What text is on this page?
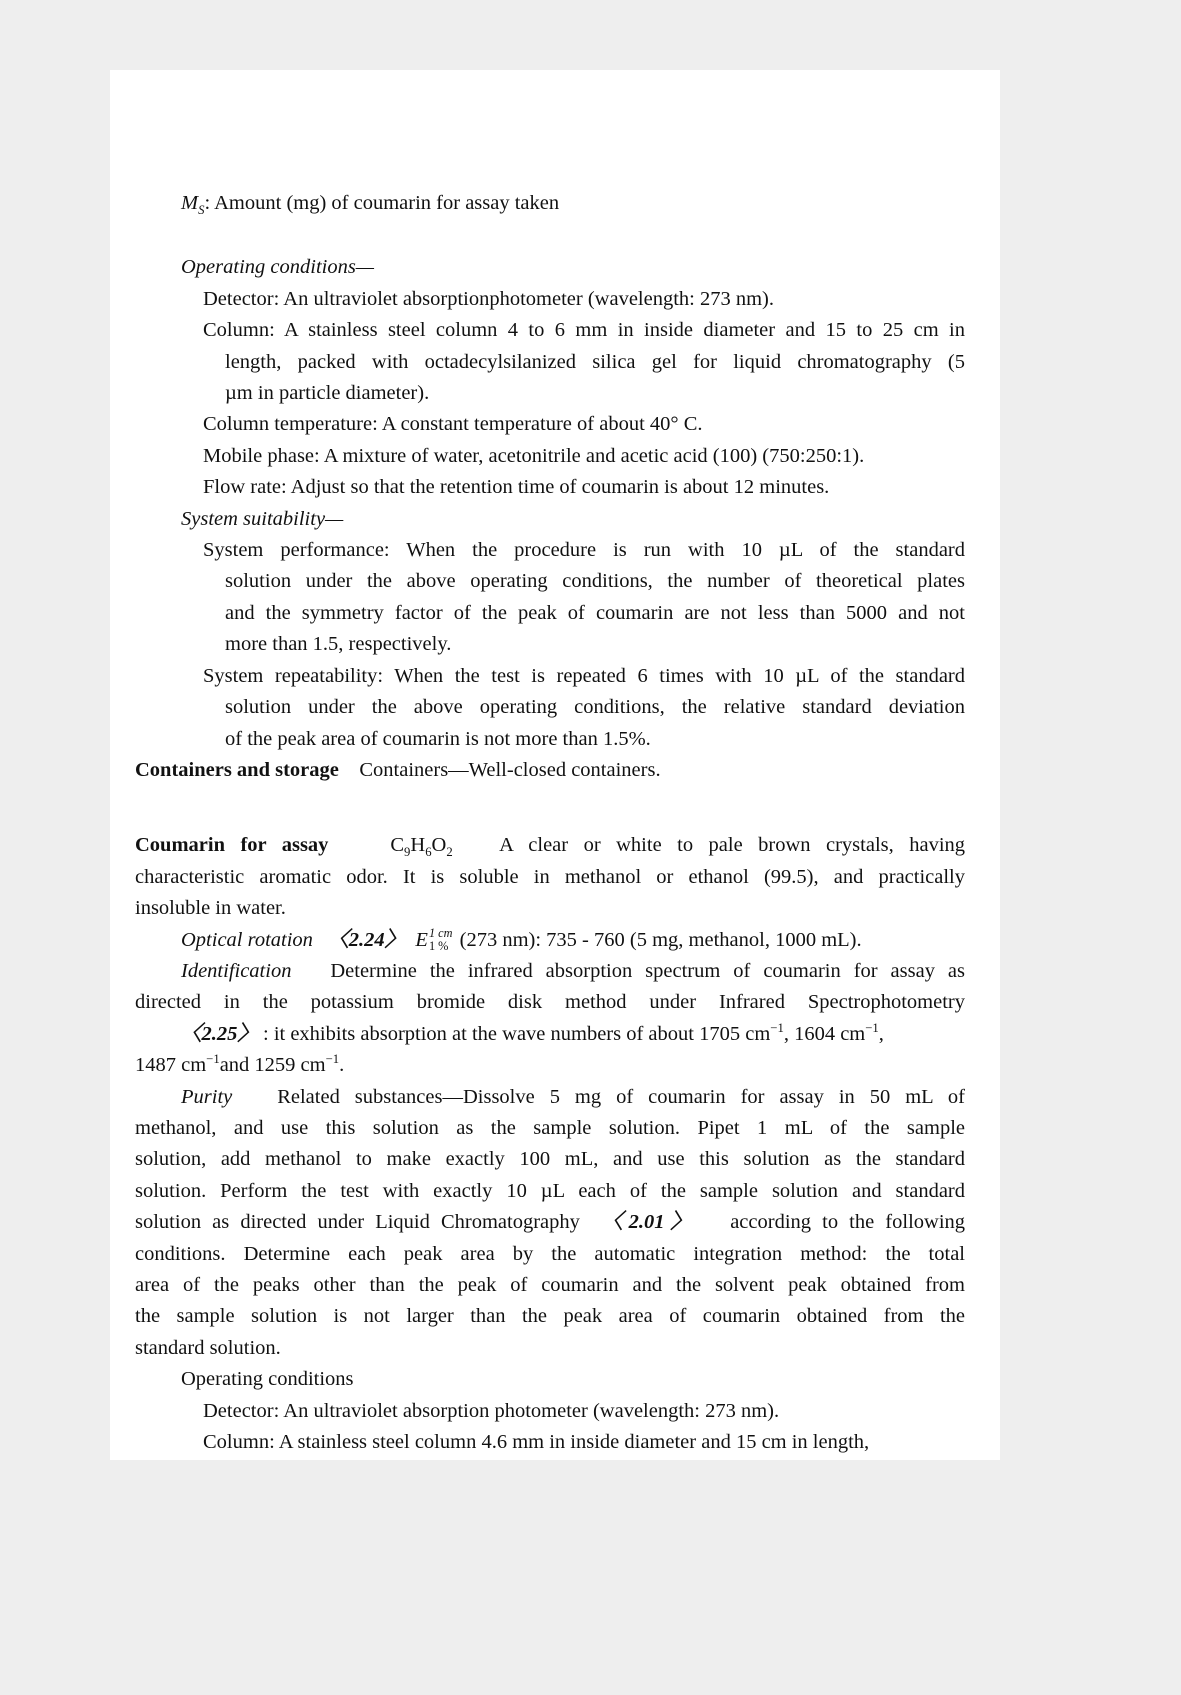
$M_S$: Amount (mg) of coumarin for assay taken

Operating conditions—

Detector: An ultraviolet absorptionphotometer (wavelength: 273 nm).

Column: A stainless steel column 4 to 6 mm in inside diameter and 15 to 25 cm in

length, packed with octadecylsilanized silica gel for liquid chromatography (5

µm in particle diameter).

Column temperature: A constant temperature of about 40° C.

Mobile phase: A mixture of water, acetonitrile and acetic acid (100) (750:250:1).

Flow rate: Adjust so that the retention time of coumarin is about 12 minutes.

System suitability—

System performance: When the procedure is run with 10 µL of the standard

solution under the above operating conditions, the number of theoretical plates

and the symmetry factor of the peak of coumarin are not less than 5000 and not

more than 1.5, respectively.

System repeatability: When the test is repeated 6 times with 10 µL of the standard

solution under the above operating conditions, the relative standard deviation

of the peak area of coumarin is not more than 1.5%.

Containers and storage Containers—Well-closed containers.

Coumarin for assay	$C_9H_6O_2$ A clear or white to pale brown crystals, having

characteristic aromatic odor. It is soluble in methanol or ethanol (99.5), and practically

insoluble in water.

Optical rotation 〈2.24〉 E 1 cm
1 % (273 nm): 735 - 760 (5 mg, methanol, 1000 mL).

Identification Determine the infrared absorption spectrum of coumarin for assay as

directed in the potassium bromide disk method under Infrared Spectrophotometry

〈2.25〉 : it exhibits absorption at the wave numbers of about 1705 $cm^{-1}$, 1604 $cm^{-1}$,

1487 $cm^{-1}and$ 1259 $cm^{-1}$.

Purity Related substances—Dissolve 5 mg of coumarin for assay in 50 mL of

methanol, and use this solution as the sample solution. Pipet 1 mL of the sample

solution, add methanol to make exactly 100 mL, and use this solution as the standard

solution. Perform the test with exactly 10 µL each of the sample solution and standard

solution as directed under Liquid Chromatography 〈2.01〉 according to the following

conditions. Determine each peak area by the automatic integration method: the total

area of the peaks other than the peak of coumarin and the solvent peak obtained from

the sample solution is not larger than the peak area of coumarin obtained from the

standard solution.

Operating conditions

Detector: An ultraviolet absorption photometer (wavelength: 273 nm).

Column: A stainless steel column 4.6 mm in inside diameter and 15 cm in length,
